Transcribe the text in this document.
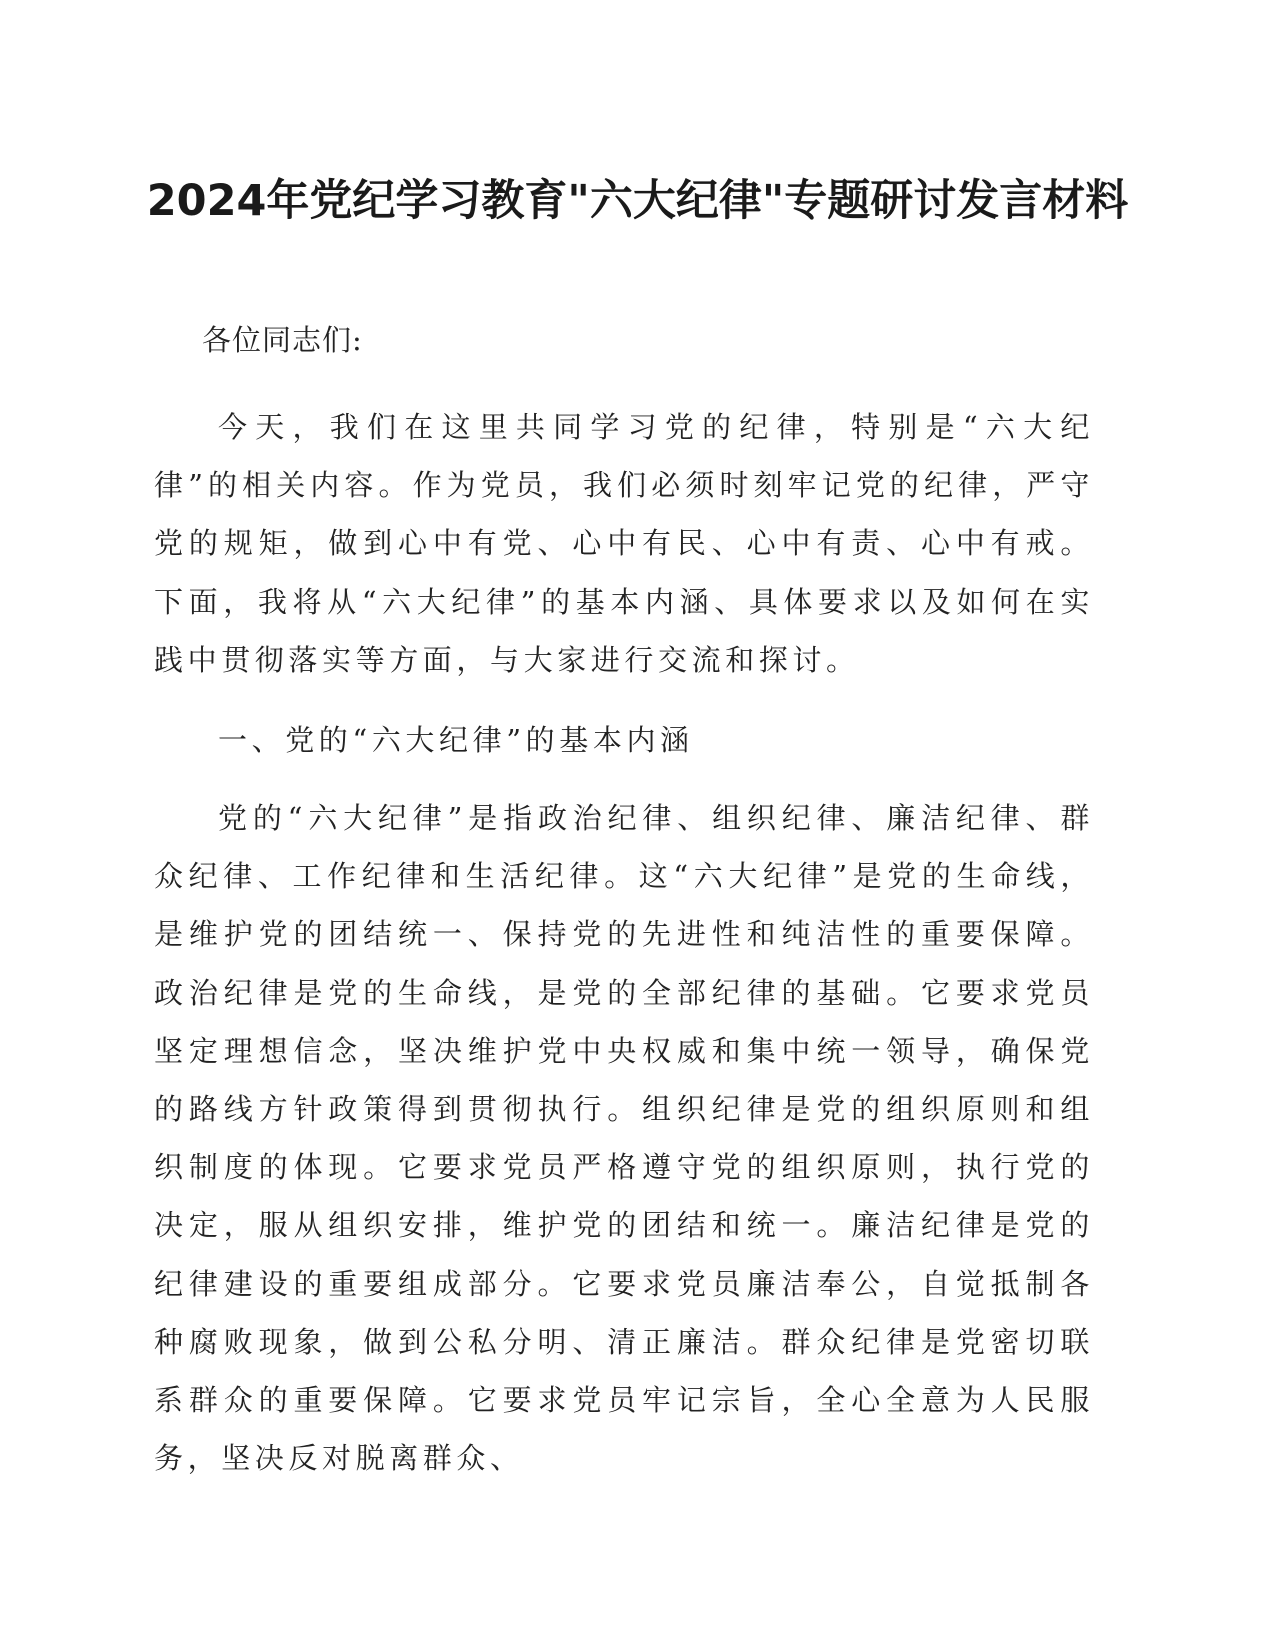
2024年党纪学习教育"六大纪律"专题研讨发言材料
各位同志们:
今天，我们在这里共同学习党的纪律，特别是“六大纪律”的相关内容。作为党员，我们必须时刻牢记党的纪律，严守党的规矩，做到心中有党、心中有民、心中有责、心中有戒。下面，我将从“六大纪律”的基本内涵、具体要求以及如何在实践中贯彻落实等方面，与大家进行交流和探讨。
一、党的“六大纪律”的基本内涵
党的“六大纪律”是指政治纪律、组织纪律、廉洁纪律、群众纪律、工作纪律和生活纪律。这“六大纪律”是党的生命线，是维护党的团结统一、保持党的先进性和纯洁性的重要保障。政治纪律是党的生命线，是党的全部纪律的基础。它要求党员坚定理想信念，坚决维护党中央权威和集中统一领导，确保党的路线方针政策得到贯彻执行。组织纪律是党的组织原则和组织制度的体现。它要求党员严格遵守党的组织原则，执行党的决定，服从组织安排，维护党的团结和统一。廉洁纪律是党的纪律建设的重要组成部分。它要求党员廉洁奉公，自觉抵制各种腐败现象，做到公私分明、清正廉洁。群众纪律是党密切联系群众的重要保障。它要求党员牢记宗旨，全心全意为人民服务，坚决反对脱离群众、
